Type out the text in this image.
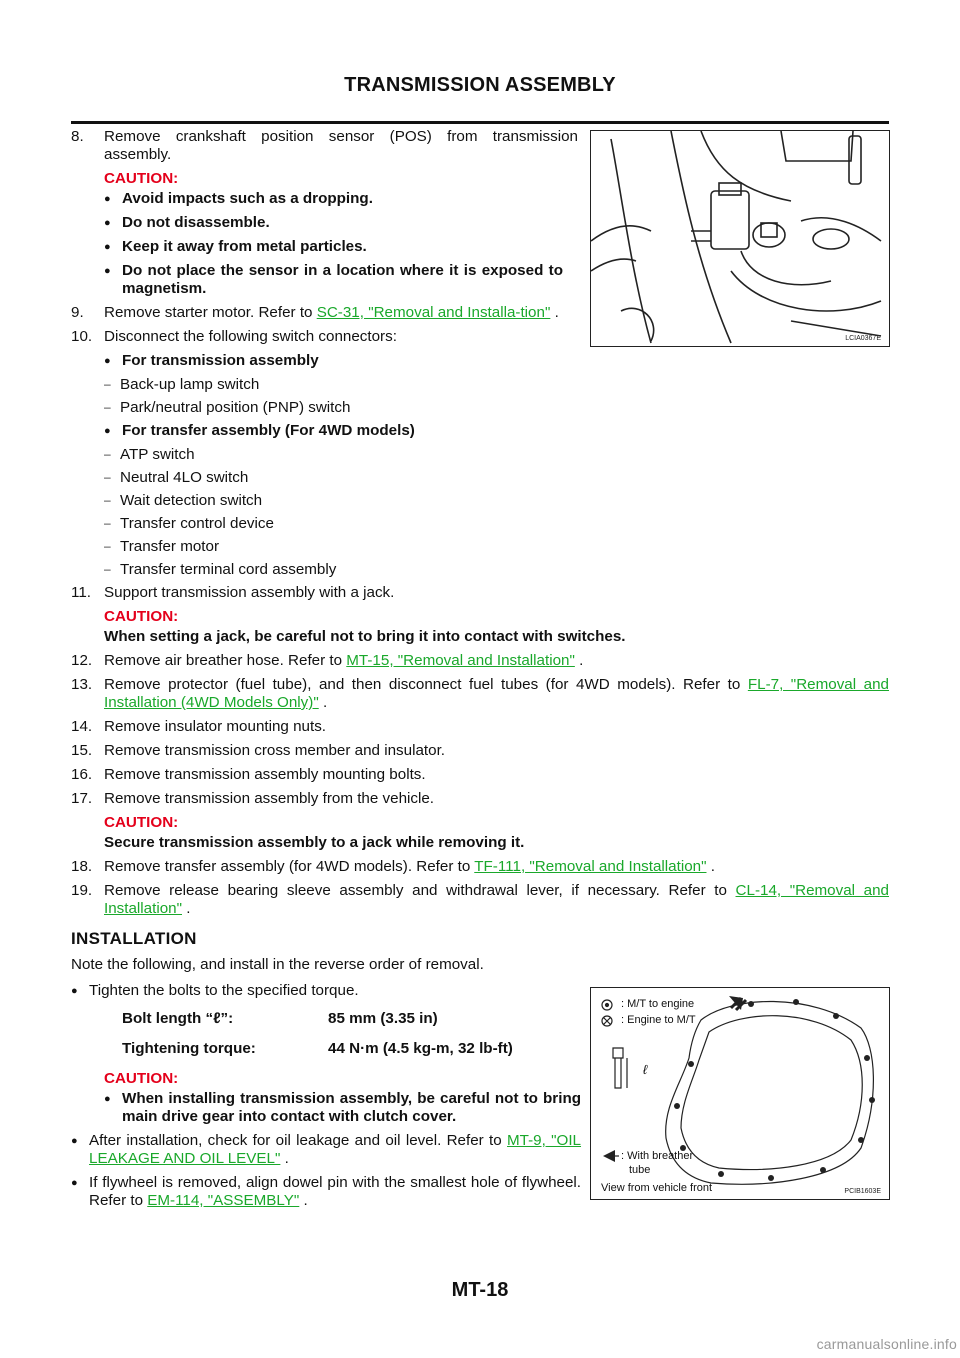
TRANSMISSION ASSEMBLY
LCIA0367E
: M/T to engine
: Engine to M/T
ℓ
: With breather
tube
View from vehicle front	PCIB1603E
8. Remove crankshaft position sensor (POS) from transmission assembly.
CAUTION:
● Avoid impacts such as a dropping.
● Do not disassemble.
● Keep it away from metal particles.
● Do not place the sensor in a location where it is exposed to magnetism.
9. Remove starter motor. Refer to SC-31, "Removal and Installa-tion" .
10. Disconnect the following switch connectors:
● For transmission assembly
– Back-up lamp switch
– Park/neutral position (PNP) switch
● For transfer assembly (For 4WD models)
– ATP switch
– Neutral 4LO switch
– Wait detection switch
– Transfer control device
– Transfer motor
– Transfer terminal cord assembly
11. Support transmission assembly with a jack.
CAUTION:
When setting a jack, be careful not to bring it into contact with switches.
12. Remove air breather hose. Refer to MT-15, "Removal and Installation" .
13. Remove protector (fuel tube), and then disconnect fuel tubes (for 4WD models). Refer to FL-7, "Removal and Installation (4WD Models Only)" .
14. Remove insulator mounting nuts.
15. Remove transmission cross member and insulator.
16. Remove transmission assembly mounting bolts.
17. Remove transmission assembly from the vehicle.
CAUTION:
Secure transmission assembly to a jack while removing it.
18. Remove transfer assembly (for 4WD models). Refer to TF-111, "Removal and Installation" .
19. Remove release bearing sleeve assembly and withdrawal lever, if necessary. Refer to CL-14, "Removal and Installation" .
INSTALLATION
Note the following, and install in the reverse order of removal.
● Tighten the bolts to the specified torque.
Bolt length “ℓ”:	85 mm (3.35 in)
Tightening torque:	44 N·m (4.5 kg-m, 32 lb-ft)
CAUTION:
● When installing transmission assembly, be careful not to bring main drive gear into contact with clutch cover.
● After installation, check for oil leakage and oil level. Refer to MT-9, "OIL LEAKAGE AND OIL LEVEL" .
● If flywheel is removed, align dowel pin with the smallest hole of flywheel. Refer to EM-114, "ASSEMBLY" .
MT-18
carmanualsonline.info
